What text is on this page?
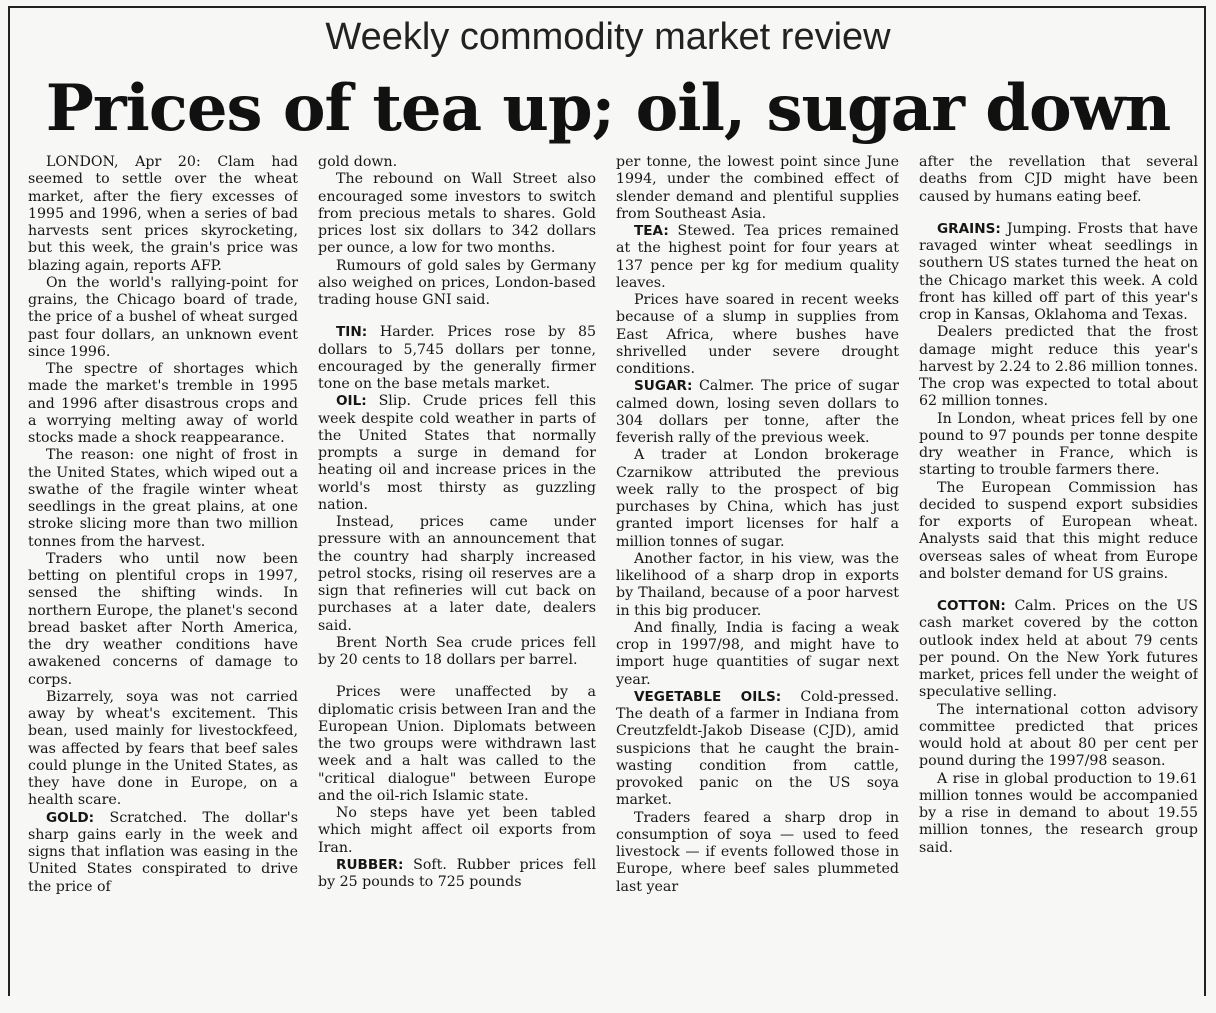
Weekly commodity market review
Prices of tea up; oil, sugar down

LONDON, Apr 20: Clam had seemed to settle over the wheat market, after the fiery excesses of 1995 and 1996, when a series of bad harvests sent prices skyrocketing, but this week, the grain's price was blazing again, reports AFP.

On the world's rallying-point for grains, the Chicago board of trade, the price of a bushel of wheat surged past four dollars, an unknown event since 1996.

The spectre of shortages which made the market's tremble in 1995 and 1996 after disastrous crops and a worrying melting away of world stocks made a shock reappearance.

The reason: one night of frost in the United States, which wiped out a swathe of the fragile winter wheat seedlings in the great plains, at one stroke slicing more than two million tonnes from the harvest.

Traders who until now been betting on plentiful crops in 1997, sensed the shifting winds. In northern Europe, the planet's second bread basket after North America, the dry weather conditions have awakened concerns of damage to corps.

Bizarrely, soya was not carried away by wheat's excitement. This bean, used mainly for livestockfeed, was affected by fears that beef sales could plunge in the United States, as they have done in Europe, on a health scare.

GOLD: Scratched. The dollar's sharp gains early in the week and signs that inflation was easing in the United States conspirated to drive the price of

gold down.

The rebound on Wall Street also encouraged some investors to switch from precious metals to shares. Gold prices lost six dollars to 342 dollars per ounce, a low for two months.

Rumours of gold sales by Germany also weighed on prices, London-based trading house GNI said.

TIN: Harder. Prices rose by 85 dollars to 5,745 dollars per tonne, encouraged by the generally firmer tone on the base metals market.

OIL: Slip. Crude prices fell this week despite cold weather in parts of the United States that normally prompts a surge in demand for heating oil and increase prices in the world's most thirsty as guzzling nation.

Instead, prices came under pressure with an announcement that the country had sharply increased petrol stocks, rising oil reserves are a sign that refineries will cut back on purchases at a later date, dealers said.

Brent North Sea crude prices fell by 20 cents to 18 dollars per barrel.

Prices were unaffected by a diplomatic crisis between Iran and the European Union. Diplomats between the two groups were withdrawn last week and a halt was called to the "critical dialogue" between Europe and the oil-rich Islamic state.

No steps have yet been tabled which might affect oil exports from Iran.

RUBBER: Soft. Rubber prices fell by 25 pounds to 725 pounds

per tonne, the lowest point since June 1994, under the combined effect of slender demand and plentiful supplies from Southeast Asia.

TEA: Stewed. Tea prices remained at the highest point for four years at 137 pence per kg for medium quality leaves.

Prices have soared in recent weeks because of a slump in supplies from East Africa, where bushes have shrivelled under severe drought conditions.

SUGAR: Calmer. The price of sugar calmed down, losing seven dollars to 304 dollars per tonne, after the feverish rally of the previous week.

A trader at London brokerage Czarnikow attributed the previous week rally to the prospect of big purchases by China, which has just granted import licenses for half a million tonnes of sugar.

Another factor, in his view, was the likelihood of a sharp drop in exports by Thailand, because of a poor harvest in this big producer.

And finally, India is facing a weak crop in 1997/98, and might have to import huge quantities of sugar next year.

VEGETABLE OILS: Cold-pressed. The death of a farmer in Indiana from Creutzfeldt-Jakob Disease (CJD), amid suspicions that he caught the brain-wasting condition from cattle, provoked panic on the US soya market.

Traders feared a sharp drop in consumption of soya — used to feed livestock — if events followed those in Europe, where beef sales plummeted last year

after the revellation that several deaths from CJD might have been caused by humans eating beef.

GRAINS: Jumping. Frosts that have ravaged winter wheat seedlings in southern US states turned the heat on the Chicago market this week. A cold front has killed off part of this year's crop in Kansas, Oklahoma and Texas.

Dealers predicted that the frost damage might reduce this year's harvest by 2.24 to 2.86 million tonnes. The crop was expected to total about 62 million tonnes.

In London, wheat prices fell by one pound to 97 pounds per tonne despite dry weather in France, which is starting to trouble farmers there.

The European Commission has decided to suspend export subsidies for exports of European wheat. Analysts said that this might reduce overseas sales of wheat from Europe and bolster demand for US grains.

COTTON: Calm. Prices on the US cash market covered by the cotton outlook index held at about 79 cents per pound. On the New York futures market, prices fell under the weight of speculative selling.

The international cotton advisory committee predicted that prices would hold at about 80 per cent per pound during the 1997/98 season.

A rise in global production to 19.61 million tonnes would be accompanied by a rise in demand to about 19.55 million tonnes, the research group said.
